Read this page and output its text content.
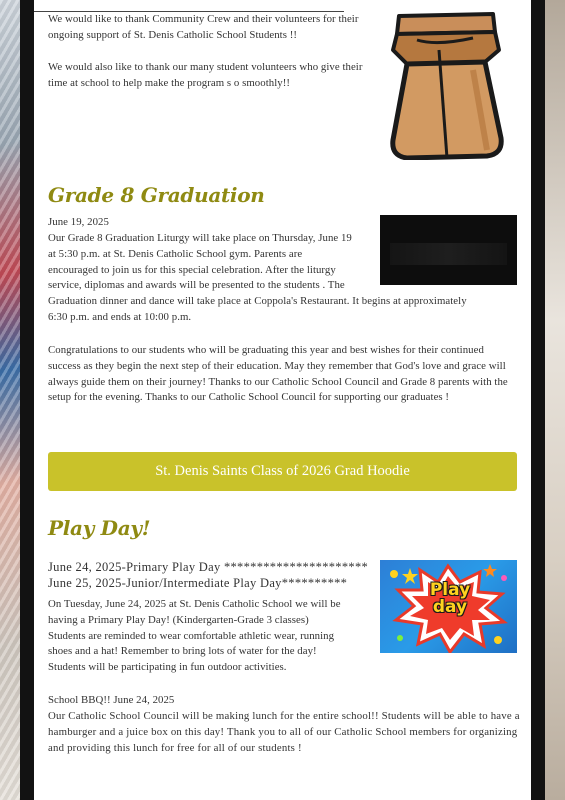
We would like to thank Community Crew and their volunteers for their ongoing support of St. Denis Catholic School Students !!

We would also like to thank our many student volunteers who give their time at school to help make the program s o smoothly!!

Grade 8 Graduation
June 19, 2025
Our Grade 8 Graduation Liturgy will take place on Thursday, June 19
at 5:30 p.m. at St. Denis Catholic School gym. Parents are
encouraged to join us for this special celebration. After the liturgy
service, diplomas and awards will be presented to the students . The
Graduation dinner and dance will take place at Coppola's Restaurant. It begins at approximately
6:30 p.m. and ends at 10:00 p.m.

Congratulations to our students who will be graduating this year and best wishes for their continued success as they begin the next step of their education. May they remember that God's love and grace will always guide them on their journey! Thanks to our Catholic School Council and Grade 8 parents with the setup for the evening. Thanks to our Catholic School Council for supporting our graduates !

St. Denis Saints Class of 2026 Grad Hoodie
Play Day!
June 24, 2025-Primary Play Day **********************
June 25, 2025-Junior/Intermediate Play Day**********
On Tuesday, June 24, 2025 at St. Denis Catholic School we will be
having a Primary Play Day! (Kindergarten-Grade 3 classes)
Students are reminded to wear comfortable athletic wear, running
shoes and a hat! Remember to bring lots of water for the day!
Students will be participating in fun outdoor activities.
Play
day
School BBQ!! June 24, 2025

Our Catholic School Council will be making lunch for the entire school!! Students will be able to have a hamburger and a juice box on this day! Thank you to all of our Catholic School members for organizing and providing this lunch for free for all of our students !
